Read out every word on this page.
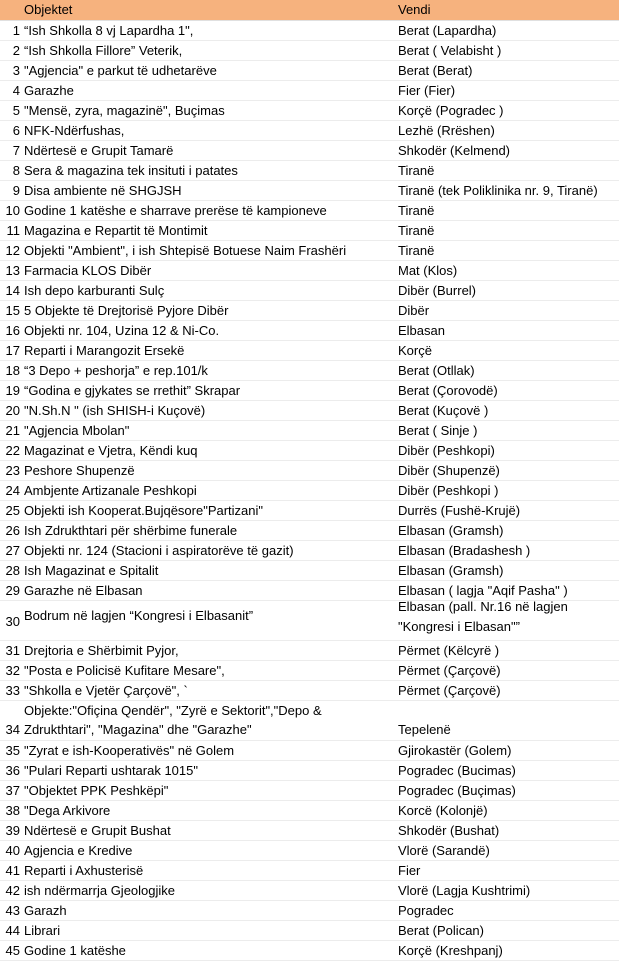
Objektet	Vendi
1 “Ish Shkolla 8 vj Lapardha 1",	Berat (Lapardha)
2 “Ish Shkolla Fillore” Veterik,	Berat ( Velabisht )
3 "Agjencia" e parkut të udhetarëve	Berat (Berat)
4 Garazhe	Fier (Fier)
5 "Mensë, zyra, magazinë", Buçimas	Korçë (Pogradec )
6 NFK-Ndërfushas,	Lezhë (Rrëshen)
7 Ndërtesë e Grupit Tamarë	Shkodër (Kelmend)
8 Sera & magazina tek insituti i patates	Tiranë
9 Disa ambiente në SHGJSH	Tiranë (tek Poliklinika nr. 9, Tiranë)
10 Godine 1 katëshe e sharrave prerëse të kampioneve	Tiranë
11 Magazina e Repartit të Montimit	Tiranë
12 Objekti "Ambient", i ish Shtepisë Botuese Naim Frashëri	Tiranë
13 Farmacia KLOS Dibër	Mat (Klos)
14 Ish depo karburanti Sulç	Dibër (Burrel)
15 5 Objekte të Drejtorisë Pyjore Dibër	Dibër
16 Objekti nr. 104, Uzina 12 & Ni-Co.	Elbasan
17 Reparti i Marangozit Ersekë	Korçë
18 “3 Depo + peshorja” e rep.101/k	Berat (Otllak)
19 “Godina e gjykates se rrethit” Skrapar	Berat (Çorovodë)
20 "N.Sh.N " (ish SHISH-i Kuçovë)	Berat (Kuçovë )
21 "Agjencia Mbolan"	Berat ( Sinje )
22 Magazinat e Vjetra, Këndi kuq	Dibër (Peshkopi)
23 Peshore Shupenzë	Dibër (Shupenzë)
24 Ambjente Artizanale Peshkopi	Dibër (Peshkopi )
25 Objekti ish Kooperat.Bujqësore"Partizani"	Durrës (Fushë-Krujë)
26 Ish Zdrukthtari për shërbime funerale	Elbasan (Gramsh)
27 Objekti nr. 124 (Stacioni i aspiratorëve të gazit)	Elbasan (Bradashesh )
28 Ish Magazinat e Spitalit	Elbasan (Gramsh)
29 Garazhe në Elbasan	Elbasan ( lagja "Aqif Pasha" )
30 Bodrum në lagjen “Kongresi i Elbasanit”
Elbasan (pall. Nr.16 në lagjen
"Kongresi i Elbasan"”
31 Drejtoria e Shërbimit Pyjor,	Përmet (Këlcyrë )
32 "Posta e Policisë Kufitare Mesare",	Përmet (Çarçovë)
33 "Shkolla e Vjetër Çarçovë", `	Përmet (Çarçovë)
34
Objekte:"Ofiçina Qendër", "Zyrë e Sektorit","Depo &
Zdrukthtari", "Magazina" dhe "Garazhe"	Tepelenë
35 "Zyrat e ish-Kooperativës" në Golem	Gjirokastër (Golem)
36 "Pulari Reparti ushtarak 1015"	Pogradec (Bucimas)
37 "Objektet PPK Peshkëpi"	Pogradec (Buçimas)
38 "Dega Arkivore	Korcë (Kolonjë)
39 Ndërtesë e Grupit Bushat	Shkodër (Bushat)
40 Agjencia e Kredive	Vlorë (Sarandë)
41 Reparti i Axhusterisë	Fier
42 ish ndërmarrja Gjeologjike	Vlorë (Lagja Kushtrimi)
43 Garazh	Pogradec
44 Librari	Berat (Polican)
45 Godine 1 katëshe	Korçë (Kreshpanj)
